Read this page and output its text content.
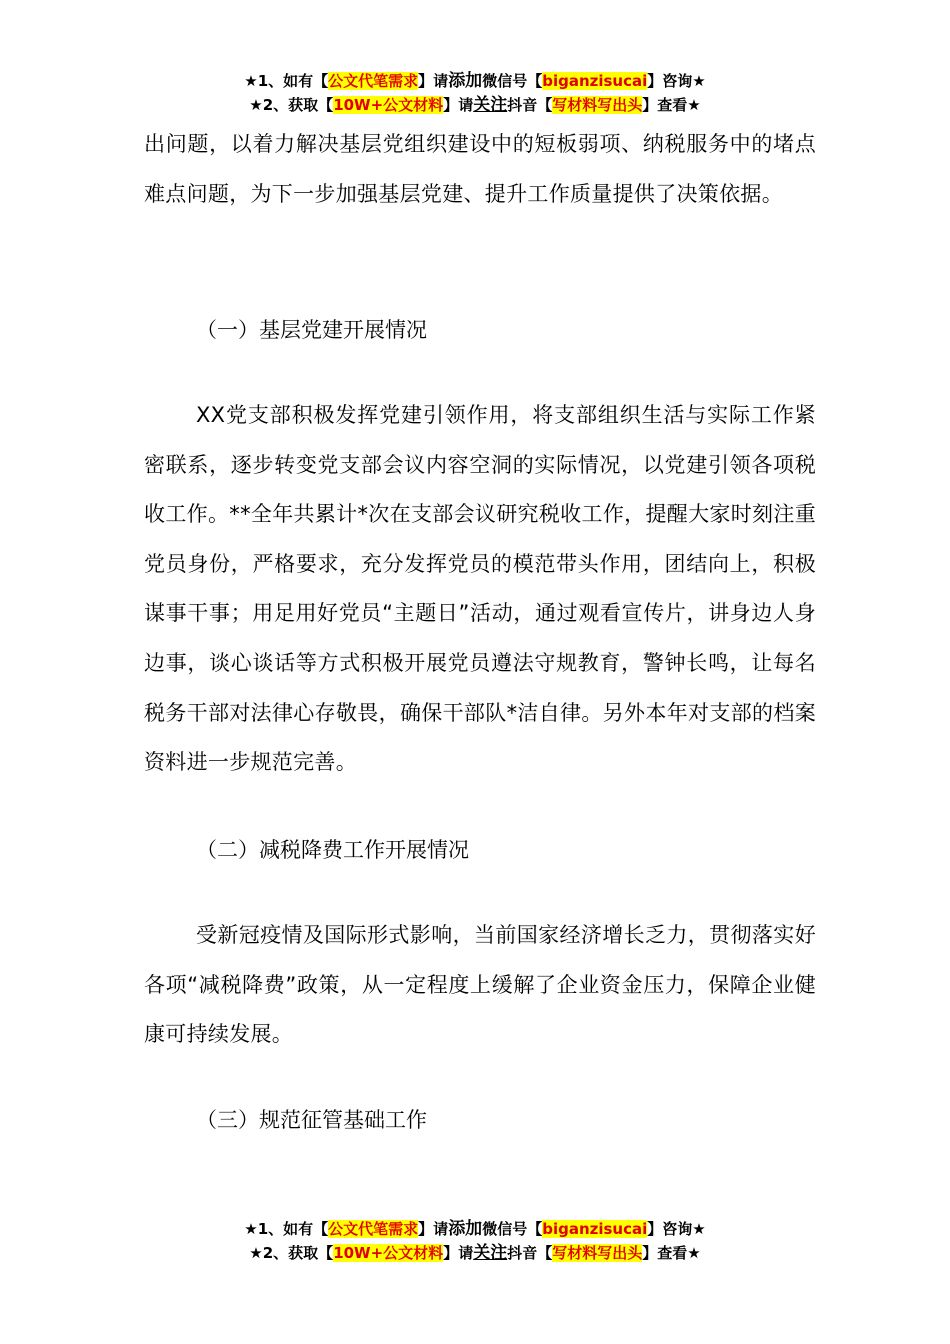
★1、如有【公文代笔需求】请添加微信号【biganzisucai】咨询★
★2、获取【10W+公文材料】请关注抖音【写材料写出头】查看★

出问题，以着力解决基层党组织建设中的短板弱项、纳税服务中的堵点难点问题，为下一步加强基层党建、提升工作质量提供了决策依据。

（一）基层党建开展情况

XX党支部积极发挥党建引领作用，将支部组织生活与实际工作紧密联系，逐步转变党支部会议内容空洞的实际情况，以党建引领各项税收工作。**全年共累计*次在支部会议研究税收工作，提醒大家时刻注重党员身份，严格要求，充分发挥党员的模范带头作用，团结向上，积极谋事干事；用足用好党员“主题日”活动，通过观看宣传片，讲身边人身边事，谈心谈话等方式积极开展党员遵法守规教育，警钟长鸣，让每名税务干部对法律心存敬畏，确保干部队*洁自律。另外本年对支部的档案资料进一步规范完善。

（二）减税降费工作开展情况

受新冠疫情及国际形式影响，当前国家经济增长乏力，贯彻落实好各项“减税降费”政策，从一定程度上缓解了企业资金压力，保障企业健康可持续发展。

（三）规范征管基础工作
★1、如有【公文代笔需求】请添加微信号【biganzisucai】咨询★
★2、获取【10W+公文材料】请关注抖音【写材料写出头】查看★
